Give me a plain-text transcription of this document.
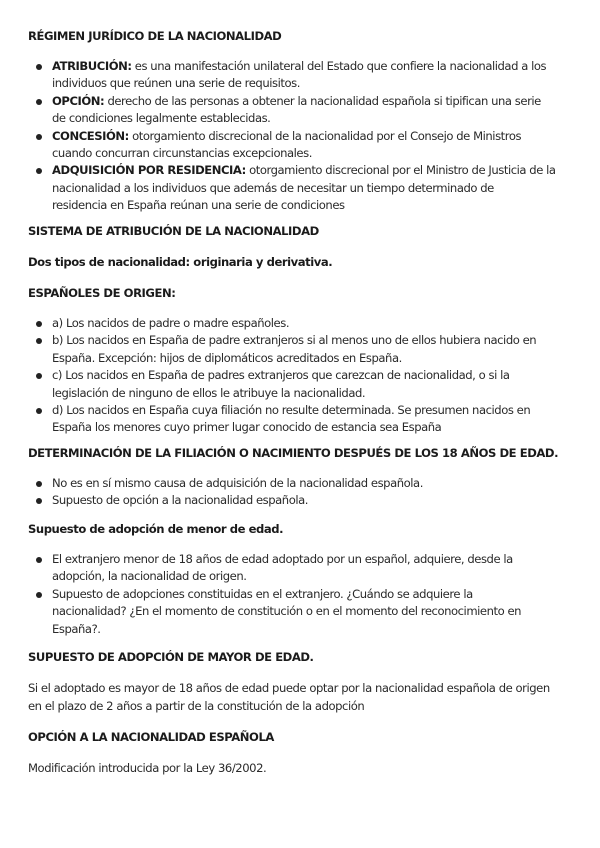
RÉGIMEN JURÍDICO DE LA NACIONALIDAD
ATRIBUCIÓN: es una manifestación unilateral del Estado que confiere la nacionalidad a los
individuos que reúnen una serie de requisitos.
OPCIÓN: derecho de las personas a obtener la nacionalidad española si tipifican una serie
de condiciones legalmente establecidas.
CONCESIÓN: otorgamiento discrecional de la nacionalidad por el Consejo de Ministros
cuando concurran circunstancias excepcionales.
ADQUISICIÓN POR RESIDENCIA: otorgamiento discrecional por el Ministro de Justicia de la
nacionalidad a los individuos que además de necesitar un tiempo determinado de
residencia en España reúnan una serie de condiciones
SISTEMA DE ATRIBUCIÓN DE LA NACIONALIDAD

Dos tipos de nacionalidad: originaria y derivativa.

ESPAÑOLES DE ORIGEN:
a) Los nacidos de padre o madre españoles.
b) Los nacidos en España de padre extranjeros si al menos uno de ellos hubiera nacido en
España. Excepción: hijos de diplomáticos acreditados en España.
c) Los nacidos en España de padres extranjeros que carezcan de nacionalidad, o si la
legislación de ninguno de ellos le atribuye la nacionalidad.
d) Los nacidos en España cuya filiación no resulte determinada. Se presumen nacidos en
España los menores cuyo primer lugar conocido de estancia sea España
DETERMINACIÓN DE LA FILIACIÓN O NACIMIENTO DESPUÉS DE LOS 18 AÑOS DE EDAD.
No es en sí mismo causa de adquisición de la nacionalidad española.
Supuesto de opción a la nacionalidad española.
Supuesto de adopción de menor de edad.
El extranjero menor de 18 años de edad adoptado por un español, adquiere, desde la
adopción, la nacionalidad de origen.
Supuesto de adopciones constituidas en el extranjero. ¿Cuándo se adquiere la
nacionalidad? ¿En el momento de constitución o en el momento del reconocimiento en
España?.
SUPUESTO DE ADOPCIÓN DE MAYOR DE EDAD.

Si el adoptado es mayor de 18 años de edad puede optar por la nacionalidad española de origen
en el plazo de 2 años a partir de la constitución de la adopción

OPCIÓN A LA NACIONALIDAD ESPAÑOLA

Modificación introducida por la Ley 36/2002.
